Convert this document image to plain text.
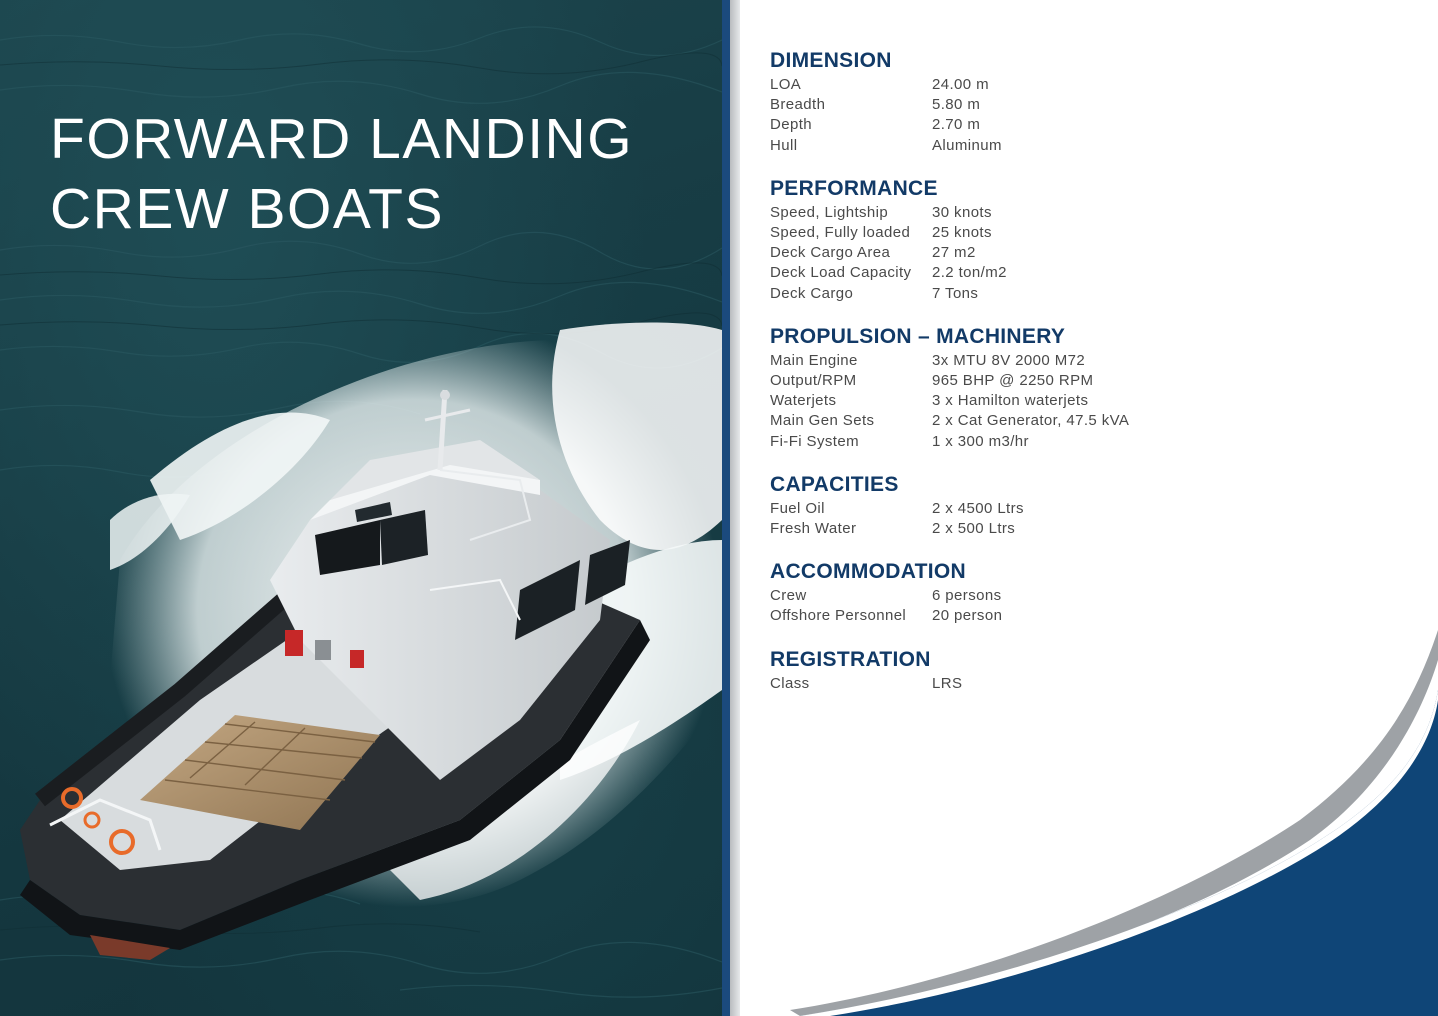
FORWARD LANDING
CREW BOATS
DIMENSION
LOA	24.00 m
Breadth	5.80 m
Depth	2.70 m
Hull	Aluminum
PERFORMANCE
Speed, Lightship	30 knots
Speed, Fully loaded	25 knots
Deck Cargo Area	27 m2
Deck Load Capacity	2.2 ton/m2
Deck Cargo	7 Tons
PROPULSION – MACHINERY
Main Engine	3x MTU 8V 2000 M72
Output/RPM	965 BHP @ 2250 RPM
Waterjets	3 x Hamilton waterjets
Main Gen Sets	2 x Cat Generator, 47.5 kVA
Fi-Fi System	1 x 300 m3/hr
CAPACITIES
Fuel Oil	2 x 4500 Ltrs
Fresh Water	2 x 500 Ltrs
ACCOMMODATION
Crew	6 persons
Offshore Personnel	20 person
REGISTRATION
Class	LRS
